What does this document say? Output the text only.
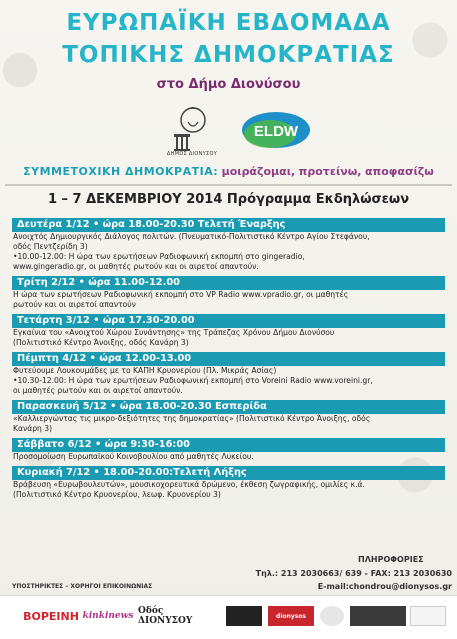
ΕΥΡΩΠΑΪΚΗ ΕΒΔΟΜΑΔΑ
ΤΟΠΙΚΗΣ ΔΗΜΟΚΡΑΤΙΑΣ
στο Δήμο Διονύσου
ΔΗΜΟΣ ΔΙΟΝΥΣΟΥ
ELDW
ΣΥΜΜΕΤΟΧΙΚΗ ΔΗΜΟΚΡΑΤΙΑ: μοιράζομαι, προτείνω, αποφασίζω
1 – 7 ΔΕΚΕΜΒΡΙΟΥ 2014 Πρόγραμμα Εκδηλώσεων
Δευτέρα 1/12 • ώρα 18.00-20.30 Τελετή Έναρξης
Ανοιχτός Δημιουργικός Διάλογος πολιτών. (Πνευματικό-Πολιτιστικό Κέντρο Αγίου Στεφάνου,
οδός Πεντζερίδη 3)
•10.00-12.00: Η ώρα των ερωτήσεων Ραδιοφωνική εκπομπή στο gingeradio,
www.gingeradio.gr, οι μαθητές ρωτούν και οι αιρετοί απαντούν.
Τρίτη 2/12 • ώρα 11.00-12.00
Η ώρα των ερωτήσεων Ραδιοφωνική εκπομπή στο VP Radio www.vpradio.gr, οι μαθητές
ρωτούν και οι αιρετοί απαντούν
Τετάρτη 3/12 • ώρα 17.30-20.00
Εγκαίνια του «Ανοιχτού Χώρου Συνάντησης» της Τράπεζας Χρόνου Δήμου Διονύσου
(Πολιτιστικό Κέντρο Άνοιξης, οδός Κανάρη 3)
Πέμπτη 4/12 • ώρα 12.00-13.00
Φυτεύουμε Λουκουμάδες με το ΚΑΠΗ Κρυονερίου (Πλ. Μικράς Ασίας)
•10.30-12.00: Η ώρα των ερωτήσεων Ραδιοφωνική εκπομπή στο Voreini Radio www.voreini.gr,
οι μαθητές ρωτούν και οι αιρετοί απαντούν.
Παρασκευή 5/12 • ώρα 18.00-20.30 Εσπερίδα
«Καλλιεργώντας τις μικρο-δεξιότητες της δημοκρατίας» (Πολιτιστικό Κέντρο Άνοιξης, οδός
Κανάρη 3)
Σάββατο 6/12 • ώρα 9:30-16:00
Προσομοίωση Ευρωπαϊκού Κοινοβουλίου από μαθητές Λυκείου.
Κυριακή 7/12 • 18.00-20.00:Τελετή Λήξης
Βράβευση «Ευρωβουλευτών», μουσικοχορευτικά δρώμενο, έκθεση ζωγραφικής, ομιλίες κ.ά.
(Πολιτιστικό Κέντρο Κρυονερίου, λεωφ. Κρυονερίου 3)
ΠΛΗΡΟΦΟΡΙΕΣ
Τηλ.: 213 2030663/ 639 - FAX: 213 2030630
E-mail:chondrou@dionysos.gr
ΥΠΟΣΤΗΡΙΚΤΕΣ – ΧΟΡΗΓΟΙ ΕΠΙΚΟΙΝΩΝΙΑΣ
ΒΟΡΕΙΝΗ kinkinews Οδός ΔΙΟΝΥΣΟΥ	dionysos
